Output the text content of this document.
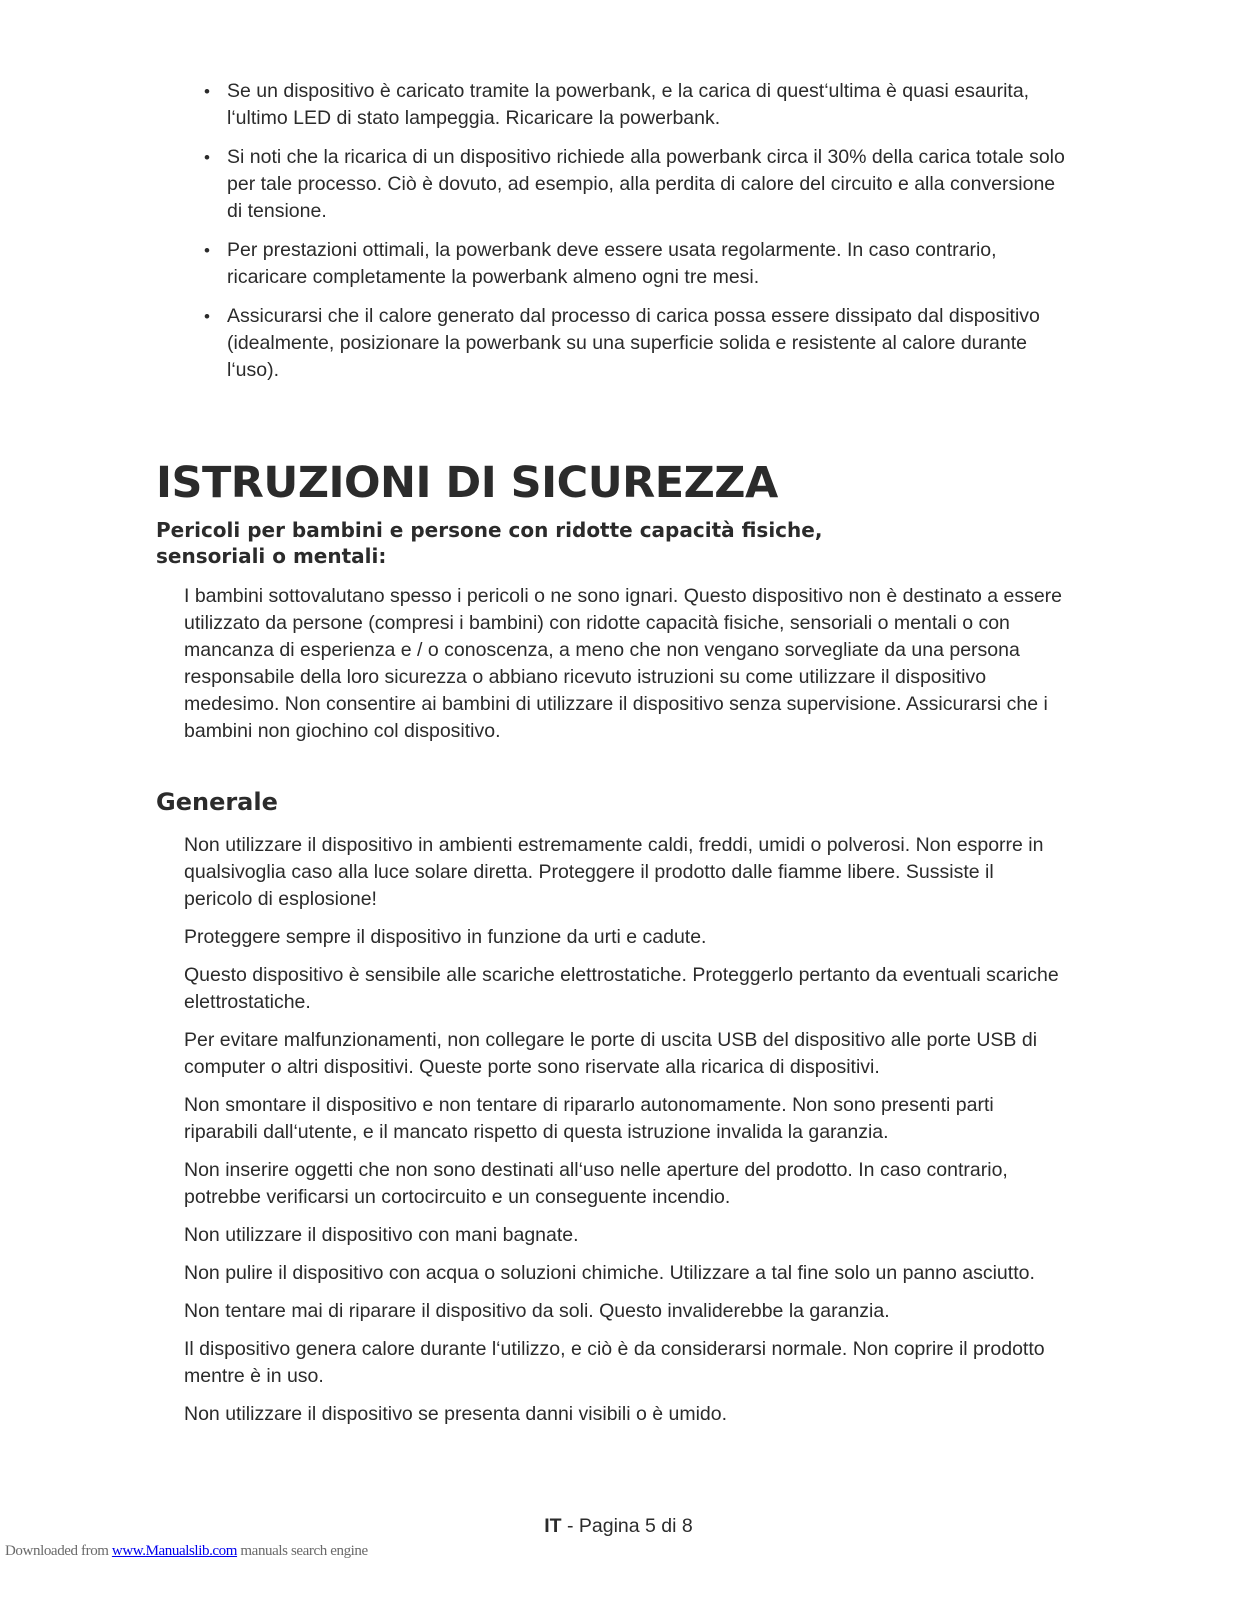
• Se un dispositivo è caricato tramite la powerbank, e la carica di quest‘ultima è quasi esaurita, l‘ultimo LED di stato lampeggia. Ricaricare la powerbank.
• Si noti che la ricarica di un dispositivo richiede alla powerbank circa il 30% della carica totale solo per tale processo. Ciò è dovuto, ad esempio, alla perdita di calore del circuito e alla conversione di tensione.
• Per prestazioni ottimali, la powerbank deve essere usata regolarmente. In caso contrario, ricaricare completamente la powerbank almeno ogni tre mesi.
• Assicurarsi che il calore generato dal processo di carica possa essere dissipato dal dispositivo (idealmente, posizionare la powerbank su una superficie solida e resistente al calore durante l‘uso).
ISTRUZIONI DI SICUREZZA
Pericoli per bambini e persone con ridotte capacità fisiche, sensoriali o mentali:

I bambini sottovalutano spesso i pericoli o ne sono ignari. Questo dispositivo non è destinato a essere utilizzato da persone (compresi i bambini) con ridotte capacità fisiche, sensoriali o mentali o con mancanza di esperienza e / o conoscenza, a meno che non vengano sorvegliate da una persona responsabile della loro sicurezza o abbiano ricevuto istruzioni su come utilizzare il dispositivo medesimo. Non consentire ai bambini di utilizzare il dispositivo senza supervisione. Assicurarsi che i bambini non giochino col dispositivo.

Generale

Non utilizzare il dispositivo in ambienti estremamente caldi, freddi, umidi o polverosi. Non esporre in qualsivoglia caso alla luce solare diretta. Proteggere il prodotto dalle fiamme libere. Sussiste il pericolo di esplosione!

Proteggere sempre il dispositivo in funzione da urti e cadute.

Questo dispositivo è sensibile alle scariche elettrostatiche. Proteggerlo pertanto da eventuali scariche elettrostatiche.

Per evitare malfunzionamenti, non collegare le porte di uscita USB del dispositivo alle porte USB di computer o altri dispositivi. Queste porte sono riservate alla ricarica di dispositivi.

Non smontare il dispositivo e non tentare di ripararlo autonomamente. Non sono presenti parti riparabili dall‘utente, e il mancato rispetto di questa istruzione invalida la garanzia.

Non inserire oggetti che non sono destinati all‘uso nelle aperture del prodotto. In caso contrario, potrebbe verificarsi un cortocircuito e un conseguente incendio.

Non utilizzare il dispositivo con mani bagnate.

Non pulire il dispositivo con acqua o soluzioni chimiche. Utilizzare a tal fine solo un panno asciutto.

Non tentare mai di riparare il dispositivo da soli. Questo invaliderebbe la garanzia.

Il dispositivo genera calore durante l‘utilizzo, e ciò è da considerarsi normale. Non coprire il prodotto mentre è in uso.

Non utilizzare il dispositivo se presenta danni visibili o è umido.

IT - Pagina 5 di 8
Downloaded from www.Manualslib.com manuals search engine
